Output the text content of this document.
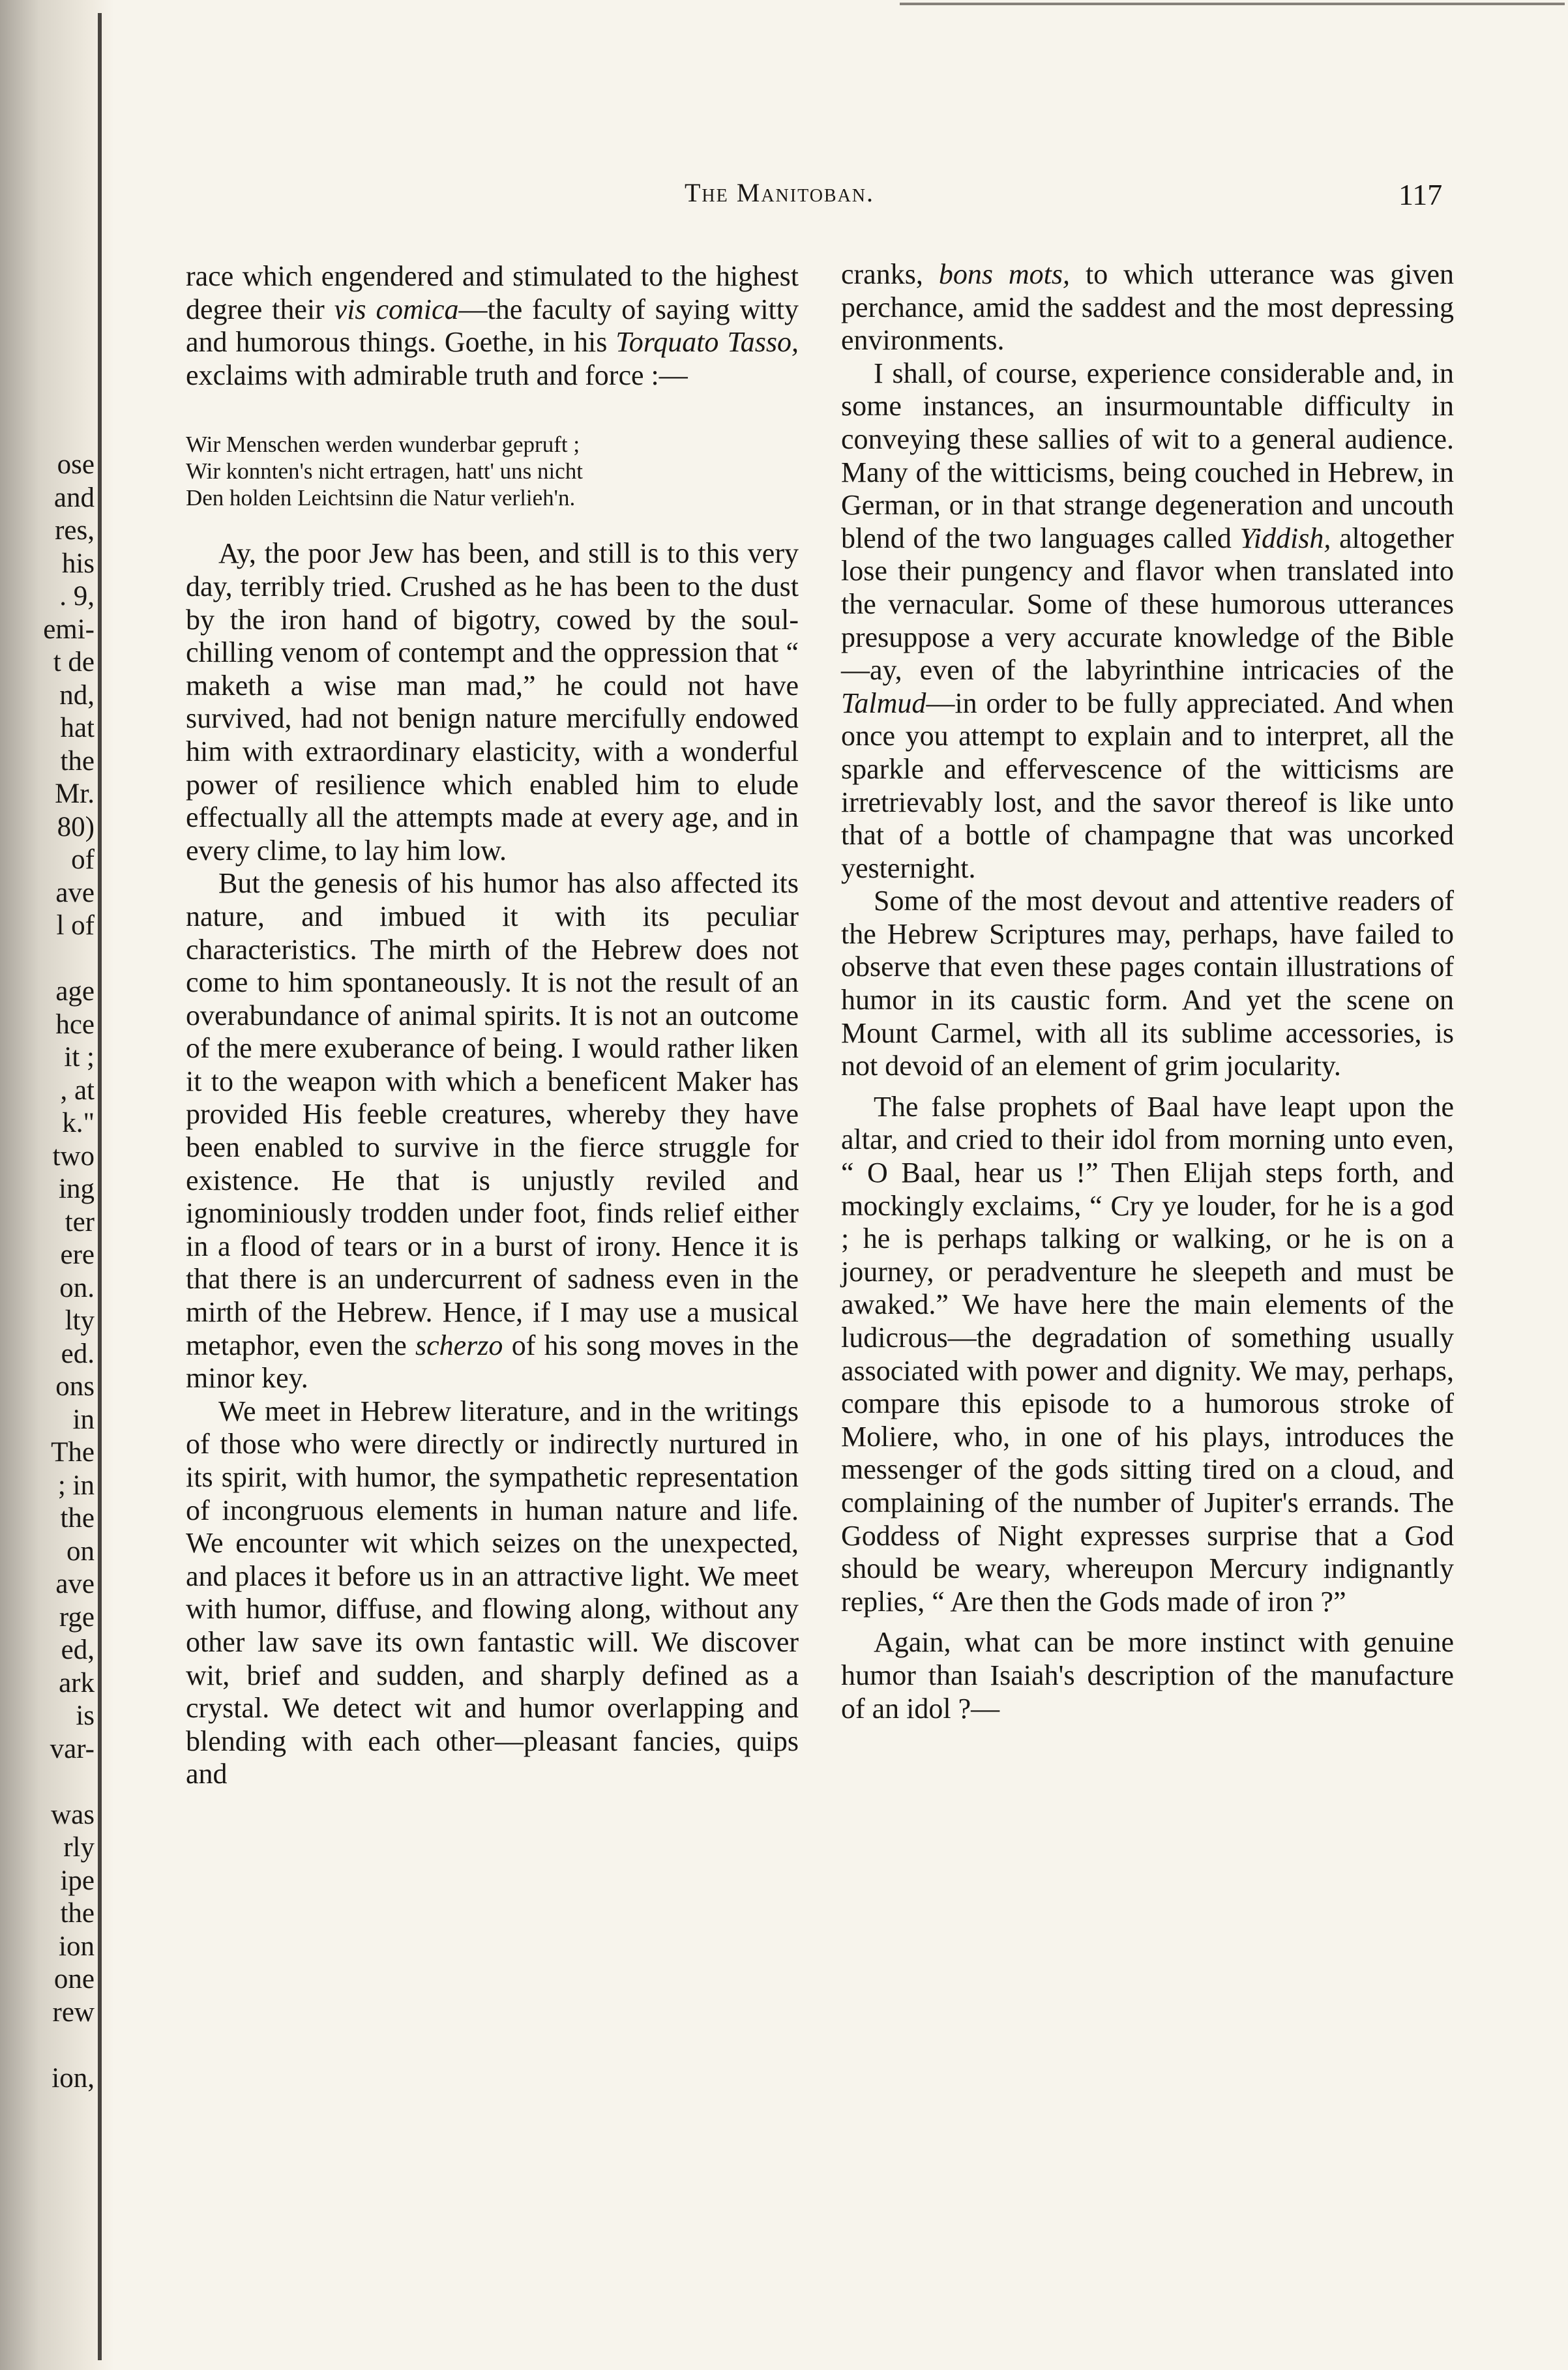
ose
and
res,
his
. 9,
emi-
t de
nd,
hat
the
Mr.
80)
of
ave
l of

age
hce
it ;
, at
k."
two
ing
ter
ere
on.
lty
ed.
ons
in
The
; in
the
on
ave
rge
ed,
ark
is
var-

was
rly
ipe
the
ion
one
rew

ion,
The Manitoban.	117

race which engendered and stimulated to the highest degree their vis comica—the faculty of saying witty and humorous things. Goethe, in his Torquato Tasso, exclaims with admirable truth and force :—

Wir Menschen werden wunderbar gepruft ;
Wir konnten's nicht ertragen, hatt' uns nicht
Den holden Leichtsinn die Natur verlieh'n.

Ay, the poor Jew has been, and still is to this very day, terribly tried. Crushed as he has been to the dust by the iron hand of bigotry, cowed by the soul-chilling venom of contempt and the oppression that “ maketh a wise man mad,” he could not have survived, had not benign nature mercifully endowed him with extraordinary elasticity, with a wonderful power of resilience which enabled him to elude effectually all the attempts made at every age, and in every clime, to lay him low.

But the genesis of his humor has also affected its nature, and imbued it with its peculiar characteristics. The mirth of the Hebrew does not come to him spontaneously. It is not the result of an overabundance of animal spirits. It is not an outcome of the mere exuberance of being. I would rather liken it to the weapon with which a beneficent Maker has provided His feeble creatures, whereby they have been enabled to survive in the fierce struggle for existence. He that is unjustly reviled and ignominiously trodden under foot, finds relief either in a flood of tears or in a burst of irony. Hence it is that there is an undercurrent of sadness even in the mirth of the Hebrew. Hence, if I may use a musical metaphor, even the scherzo of his song moves in the minor key.

We meet in Hebrew literature, and in the writings of those who were directly or indirectly nurtured in its spirit, with humor, the sympathetic representation of incongruous elements in human nature and life. We encounter wit which seizes on the unexpected, and places it before us in an attractive light. We meet with humor, diffuse, and flowing along, without any other law save its own fantastic will. We discover wit, brief and sudden, and sharply defined as a crystal. We detect wit and humor overlapping and blending with each other—pleasant fancies, quips and

cranks, bons mots, to which utterance was given perchance, amid the saddest and the most depressing environments.

I shall, of course, experience considerable and, in some instances, an insurmountable difficulty in conveying these sallies of wit to a general audience. Many of the witticisms, being couched in Hebrew, in German, or in that strange degeneration and uncouth blend of the two languages called Yiddish, altogether lose their pungency and flavor when translated into the vernacular. Some of these humorous utterances presuppose a very accurate knowledge of the Bible—ay, even of the labyrinthine intricacies of the Talmud—in order to be fully appreciated. And when once you attempt to explain and to interpret, all the sparkle and effervescence of the witticisms are irretrievably lost, and the savor thereof is like unto that of a bottle of champagne that was uncorked yesternight.

Some of the most devout and attentive readers of the Hebrew Scriptures may, perhaps, have failed to observe that even these pages contain illustrations of humor in its caustic form. And yet the scene on Mount Carmel, with all its sublime accessories, is not devoid of an element of grim jocularity.

The false prophets of Baal have leapt upon the altar, and cried to their idol from morning unto even, “ O Baal, hear us !” Then Elijah steps forth, and mockingly exclaims, “ Cry ye louder, for he is a god ; he is perhaps talking or walking, or he is on a journey, or peradventure he sleepeth and must be awaked.” We have here the main elements of the ludicrous—the degradation of something usually associated with power and dignity. We may, perhaps, compare this episode to a humorous stroke of Moliere, who, in one of his plays, introduces the messenger of the gods sitting tired on a cloud, and complaining of the number of Jupiter's errands. The Goddess of Night expresses surprise that a God should be weary, whereupon Mercury indignantly replies, “ Are then the Gods made of iron ?”

Again, what can be more instinct with genuine humor than Isaiah's description of the manufacture of an idol ?—
